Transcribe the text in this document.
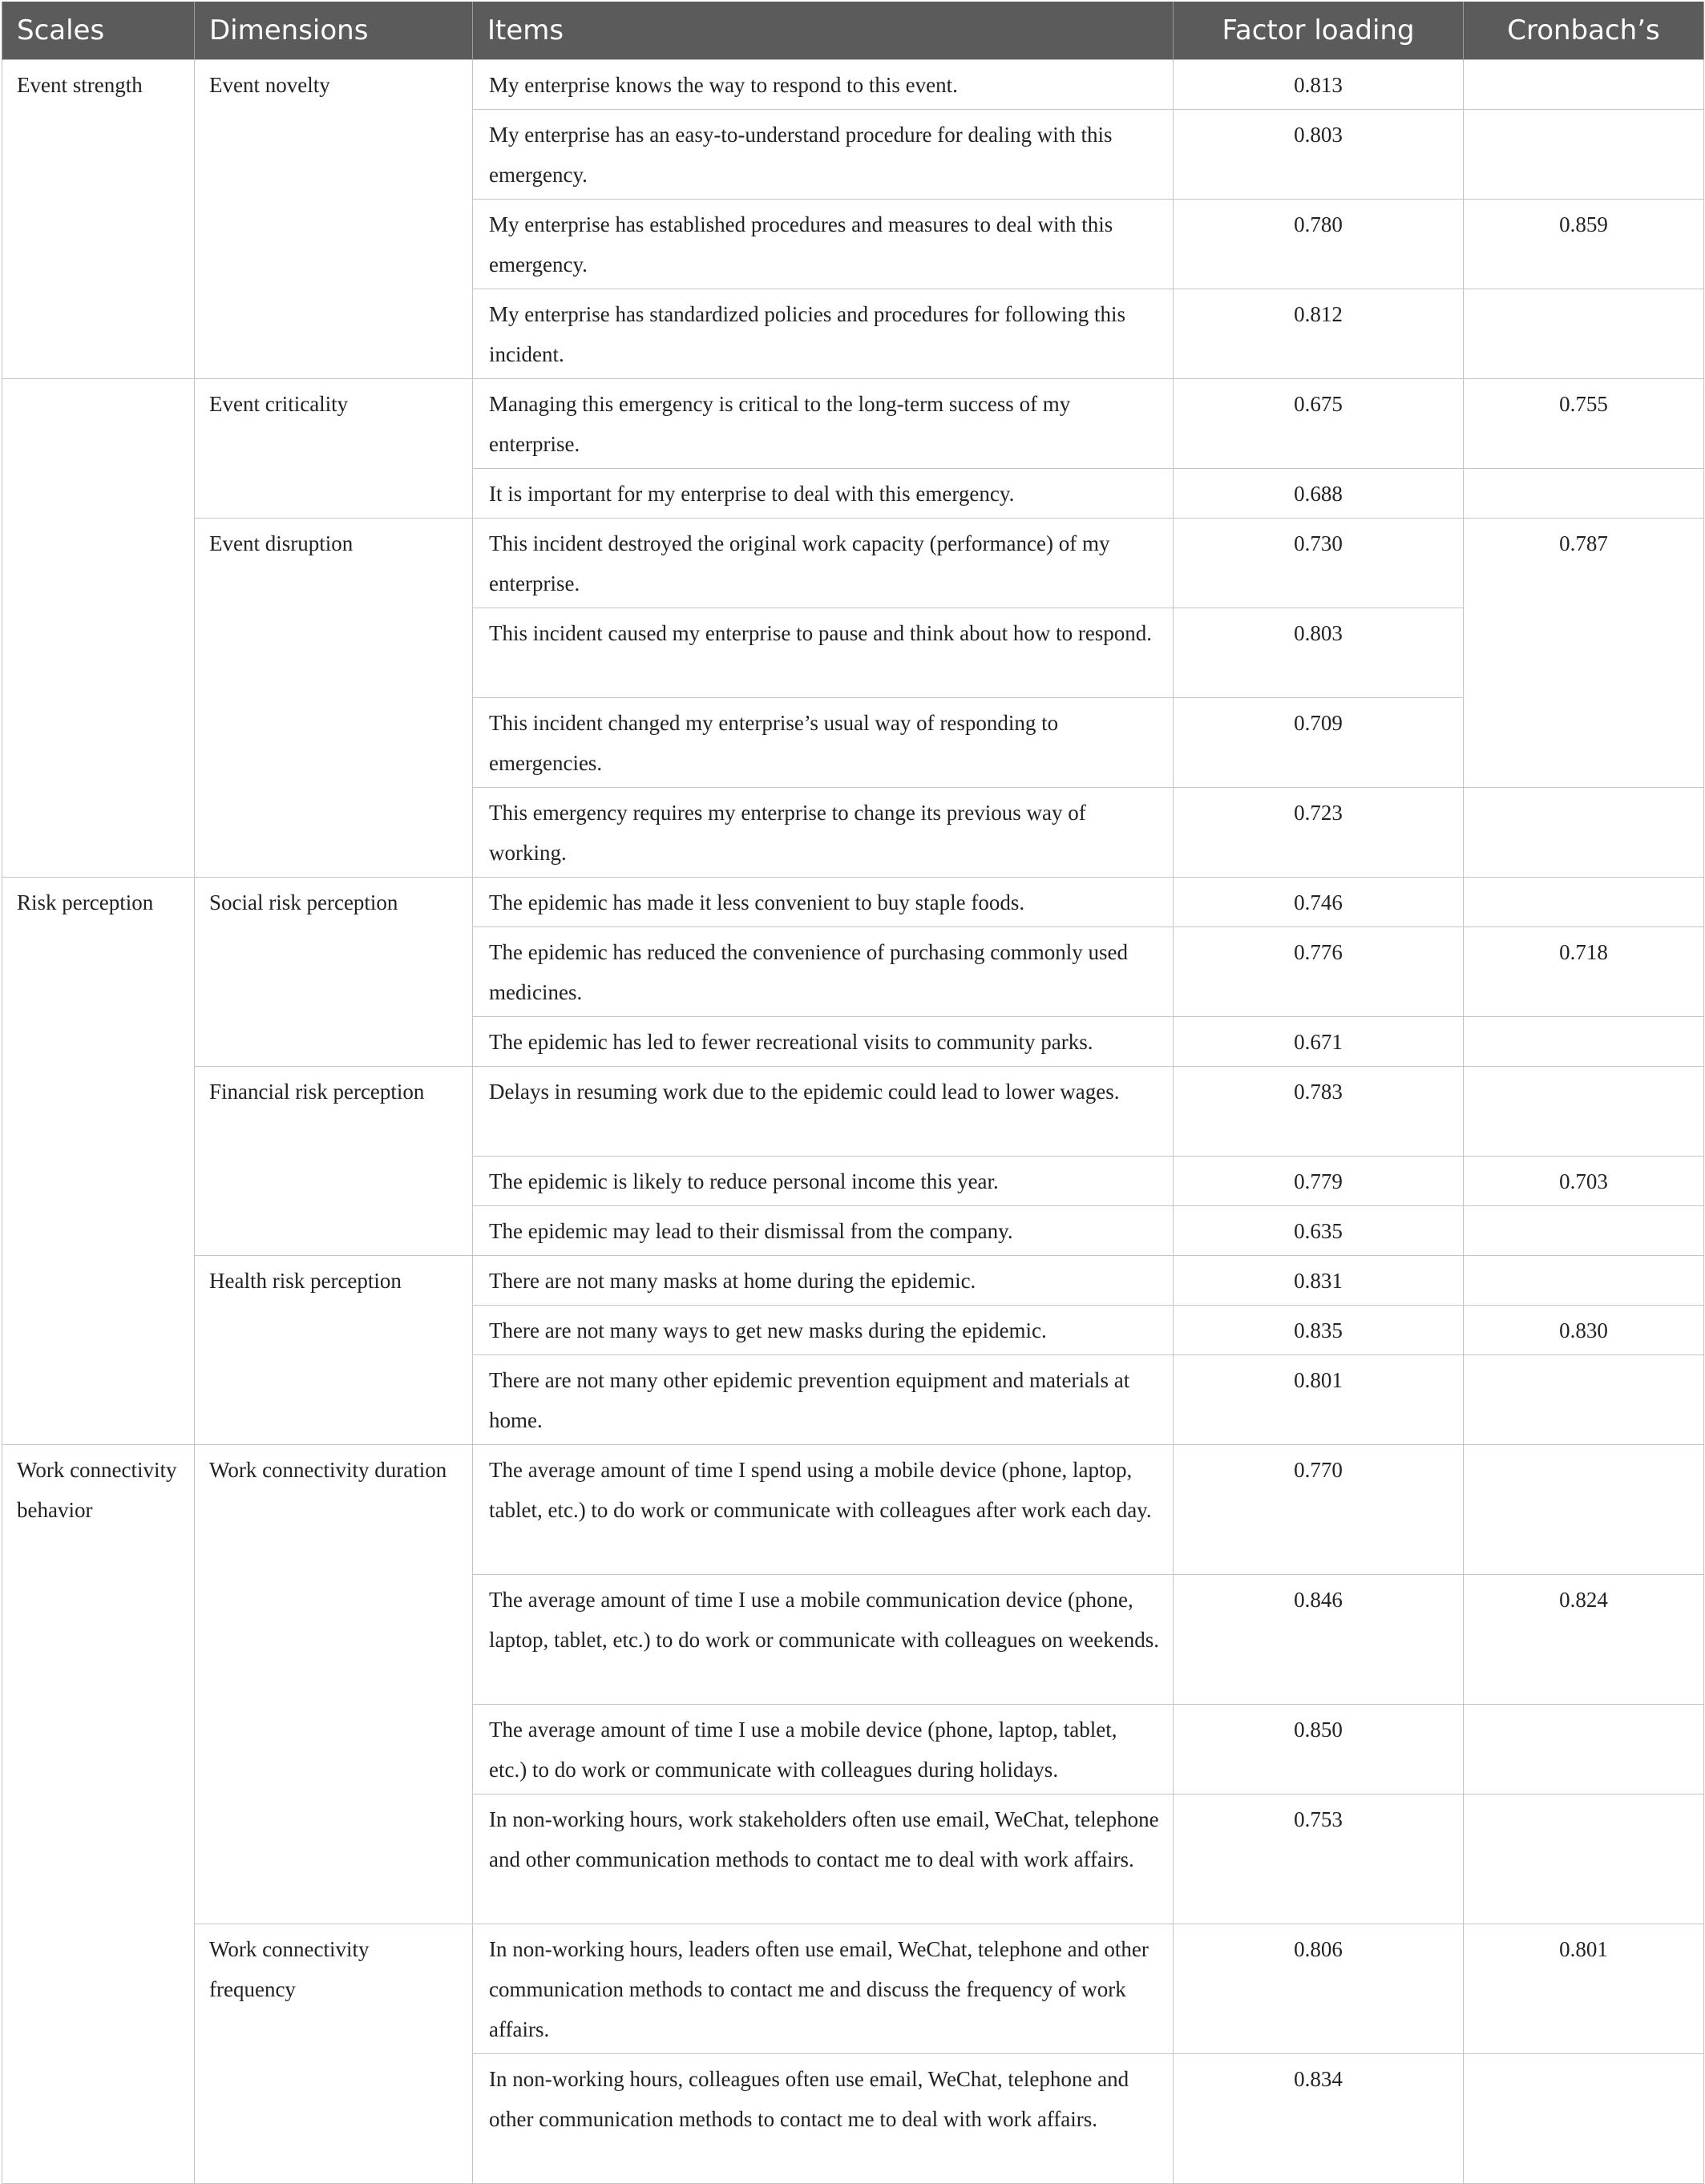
Scales	Dimensions	Items	Factor loading	Cronbach’s
Event strength	Event novelty	My enterprise knows the way to respond to this event.	0.813	
		My enterprise has an easy-to-understand procedure for dealing with this emergency.	0.803	
		My enterprise has established procedures and measures to deal with this emergency.	0.780	0.859
		My enterprise has standardized policies and procedures for following this incident.	0.812	
	Event criticality	Managing this emergency is critical to the long-term success of my enterprise.	0.675	0.755
		It is important for my enterprise to deal with this emergency.	0.688	
	Event disruption	This incident destroyed the original work capacity (performance) of my enterprise.	0.730	0.787
		This incident caused my enterprise to pause and think about how to respond.	0.803	
		This incident changed my enterprise’s usual way of responding to emergencies.	0.709	
		This emergency requires my enterprise to change its previous way of working.	0.723	
Risk perception	Social risk perception	The epidemic has made it less convenient to buy staple foods.	0.746	
		The epidemic has reduced the convenience of purchasing commonly used medicines.	0.776	0.718
		The epidemic has led to fewer recreational visits to community parks.	0.671	
	Financial risk perception	Delays in resuming work due to the epidemic could lead to lower wages.	0.783	
		The epidemic is likely to reduce personal income this year.	0.779	0.703
		The epidemic may lead to their dismissal from the company.	0.635	
	Health risk perception	There are not many masks at home during the epidemic.	0.831	
		There are not many ways to get new masks during the epidemic.	0.835	0.830
		There are not many other epidemic prevention equipment and materials at home.	0.801	
Work connectivity behavior	Work connectivity duration	The average amount of time I spend using a mobile device (phone, laptop, tablet, etc.) to do work or communicate with colleagues after work each day.	0.770	
		The average amount of time I use a mobile communication device (phone, laptop, tablet, etc.) to do work or communicate with colleagues on weekends.	0.846	0.824
		The average amount of time I use a mobile device (phone, laptop, tablet, etc.) to do work or communicate with colleagues during holidays.	0.850	
		In non-working hours, work stakeholders often use email, WeChat, telephone and other communication methods to contact me to deal with work affairs.	0.753	
	Work connectivity frequency	In non-working hours, leaders often use email, WeChat, telephone and other communication methods to contact me and discuss the frequency of work affairs.	0.806	0.801
		In non-working hours, colleagues often use email, WeChat, telephone and other communication methods to contact me to deal with work affairs.	0.834	
